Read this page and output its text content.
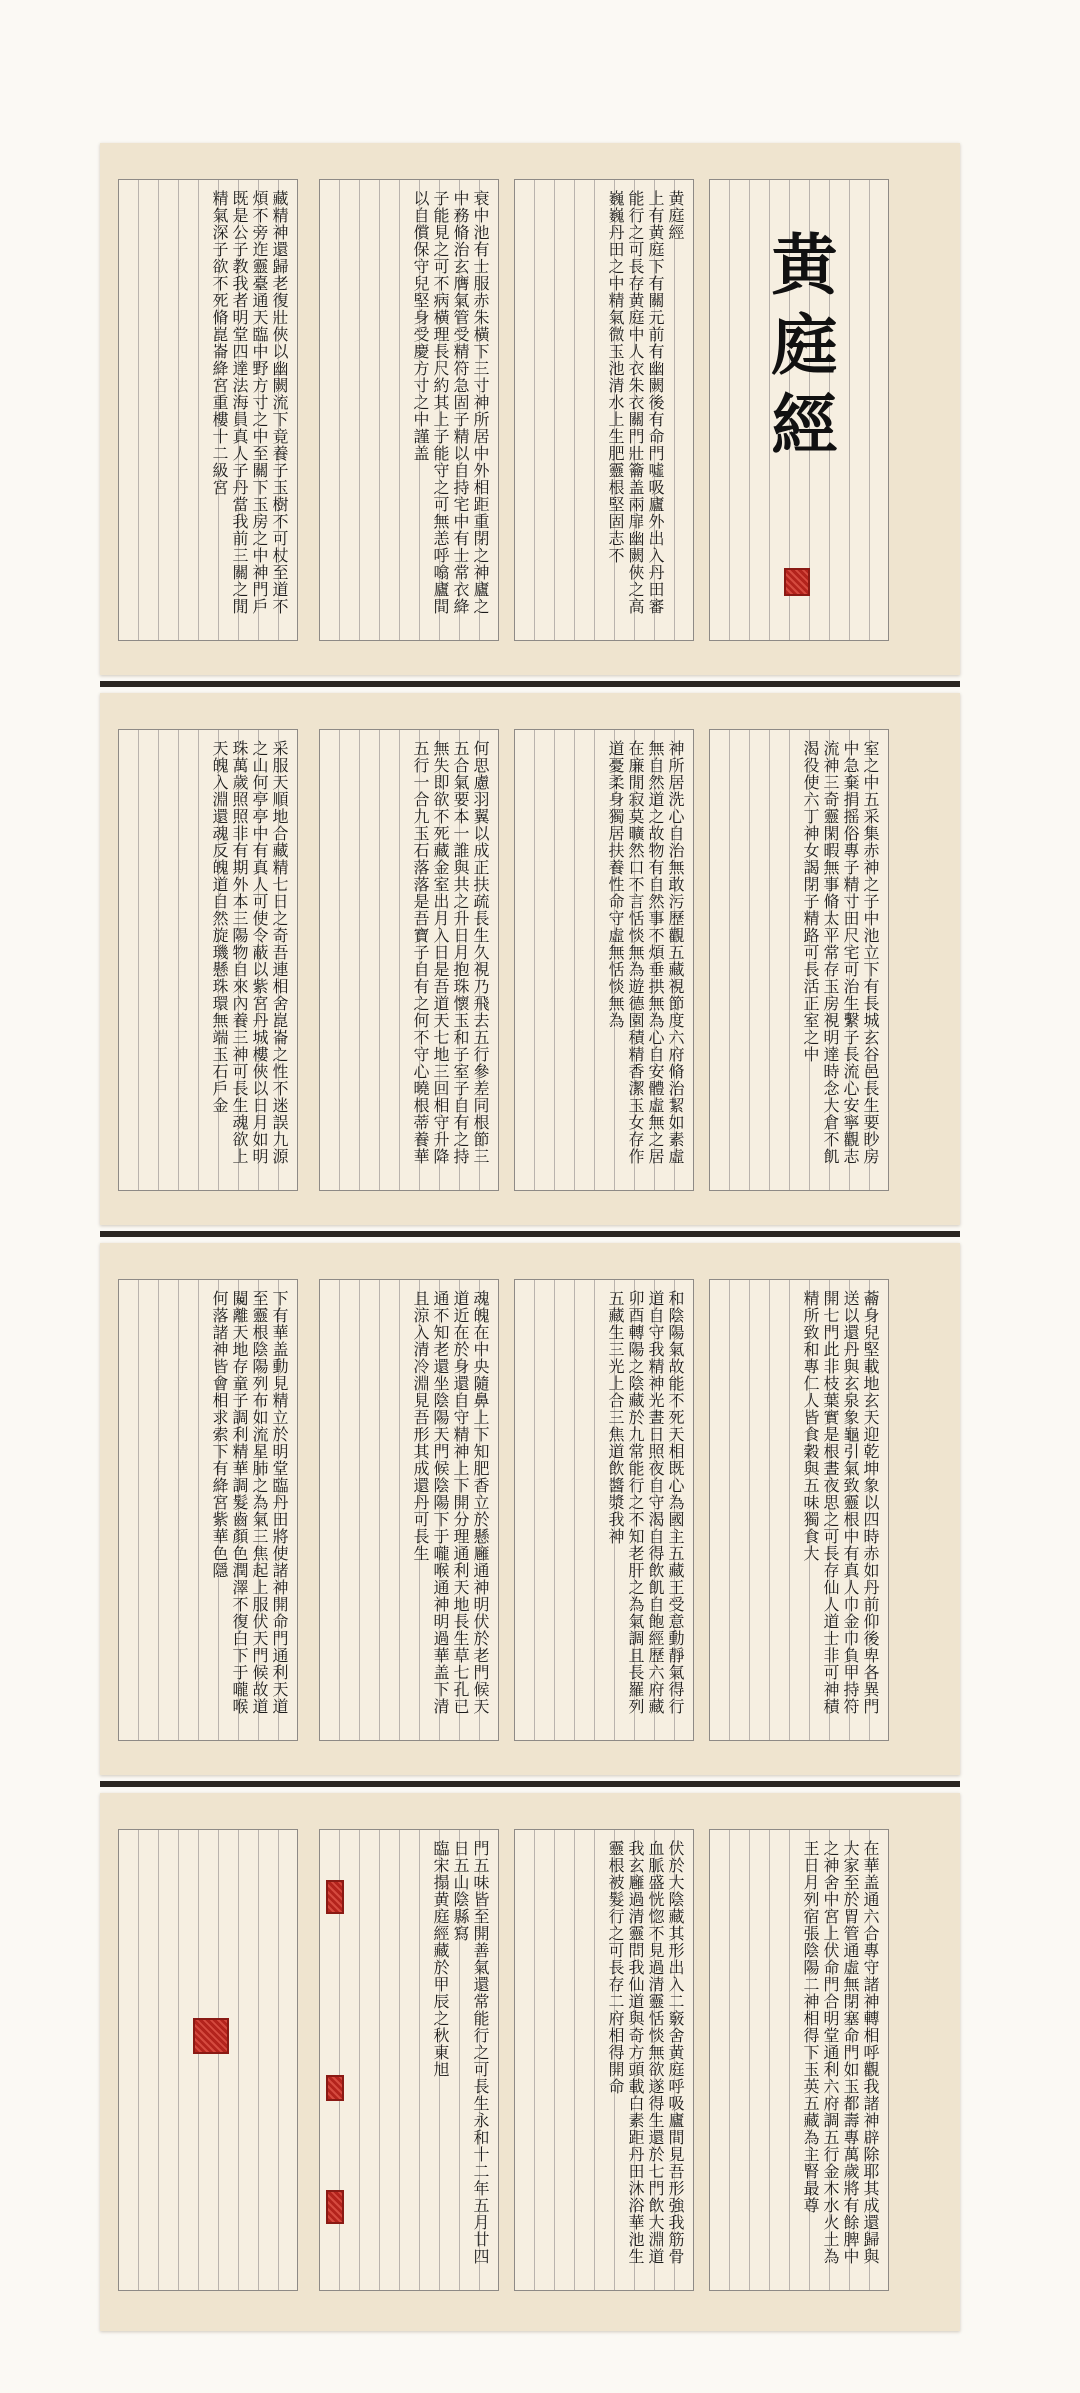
黄庭經
黄庭經
上有黄庭下有關元前有幽闕後有命門噓吸廬外出入丹田審能行之可長存黄庭中人衣朱衣關門壯籥盖兩扉幽闕俠之高巍巍丹田之中精氣微玉池清水上生肥靈根堅固志不
衰中池有士服赤朱橫下三寸神所居中外相距重閉之神廬之中務脩治玄膺氣管受精符急固子精以自持宅中有士常衣絳子能見之可不病橫理長尺約其上子能守之可無恙呼噏廬間以自償保守兒堅身受慶方寸之中謹盖
藏精神還歸老復壯俠以幽闕流下竟養子玉樹不可杖至道不煩不旁迮靈臺通天臨中野方寸之中至關下玉房之中神門戶既是公子教我者明堂四達法海員真人子丹當我前三關之閒精氣深子欲不死脩崑崙絳宮重樓十二級宮
室之中五采集赤神之子中池立下有長城玄谷邑長生要眇房中急棄捐摇俗專子精寸田尺宅可治生繫子長流心安寧觀志流神三奇靈閑暇無事脩太平常存玉房視明達時念大倉不飢渴役使六丁神女謁閉子精路可長活正室之中
神所居洗心自治無敢污歷觀五藏視節度六府脩治絜如素虛無自然道之故物有自然事不煩垂拱無為心自安體虛無之居在廉閒寂莫曠然口不言恬惔無為遊德園積精香潔玉女存作道憂柔身獨居扶養性命守虛無恬惔無為
何思慮羽翼以成正扶疏長生久視乃飛去五行參差同根節三五合氣要本一誰與共之升日月抱珠懷玉和子室子自有之持無失即欲不死藏金室出月入日是吾道天七地三回相守升降五行一合九玉石落落是吾寶子自有之何不守心曉根蒂養華
采服天順地合藏精七日之奇吾連相舍崑崙之性不迷誤九源之山何亭亭中有真人可使令蔽以紫宮丹城樓俠以日月如明珠萬歲照照非有期外本三陽物自來內養三神可長生魂欲上天魄入淵還魂反魄道自然旋璣懸珠環無端玉石戶金
蘥身兒堅載地玄天迎乾坤象以四時赤如丹前仰後卑各異門送以還丹與玄泉象龜引氣致靈根中有真人巾金巾負甲持符開七門此非枝葉實是根晝夜思之可長存仙人道士非可神積精所致和專仁人皆食穀與五味獨食大
和陰陽氣故能不死天相既心為國主五藏王受意動靜氣得行道自守我精神光晝日照夜自守渴自得飲飢自飽經歷六府藏卯酉轉陽之陰藏於九常能行之不知老肝之為氣調且長羅列五藏生三光上合三焦道飲醬漿我神
魂魄在中央隨鼻上下知肥香立於懸廱通神明伏於老門候天道近在於身還自守精神上下開分理通利天地長生草七孔已通不知老還坐陰陽天門候陰陽下于嚨喉通神明過華盖下清且涼入清冷淵見吾形其成還丹可長生
下有華盖動見精立於明堂臨丹田將使諸神開命門通利天道至靈根陰陽列布如流星肺之為氣三焦起上服伏天門候故道闚離天地存童子調利精華調髮齒顏色潤澤不復白下于嚨喉何落諸神皆會相求索下有絳宮紫華色隱
在華盖通六合專守諸神轉相呼觀我諸神辟除耶其成還歸與大家至於胃管通虛無閉塞命門如玉都壽專萬歲將有餘脾中之神舍中宮上伏命門合明堂通利六府調五行金木水火土為王日月列宿張陰陽二神相得下玉英五藏為主腎最尊
伏於大陰藏其形出入二竅舍黄庭呼吸廬間見吾形強我筋骨血脈盛恍惚不見過清靈恬惔無欲遂得生還於七門飲大淵道我玄廱過清靈問我仙道與奇方頭載白素距丹田沐浴華池生靈根被髮行之可長存二府相得開命
門五味皆至開善氣還常能行之可長生永和十二年五月廿四日五山陰縣寫
臨宋搨黄庭經藏於甲辰之秋東旭
